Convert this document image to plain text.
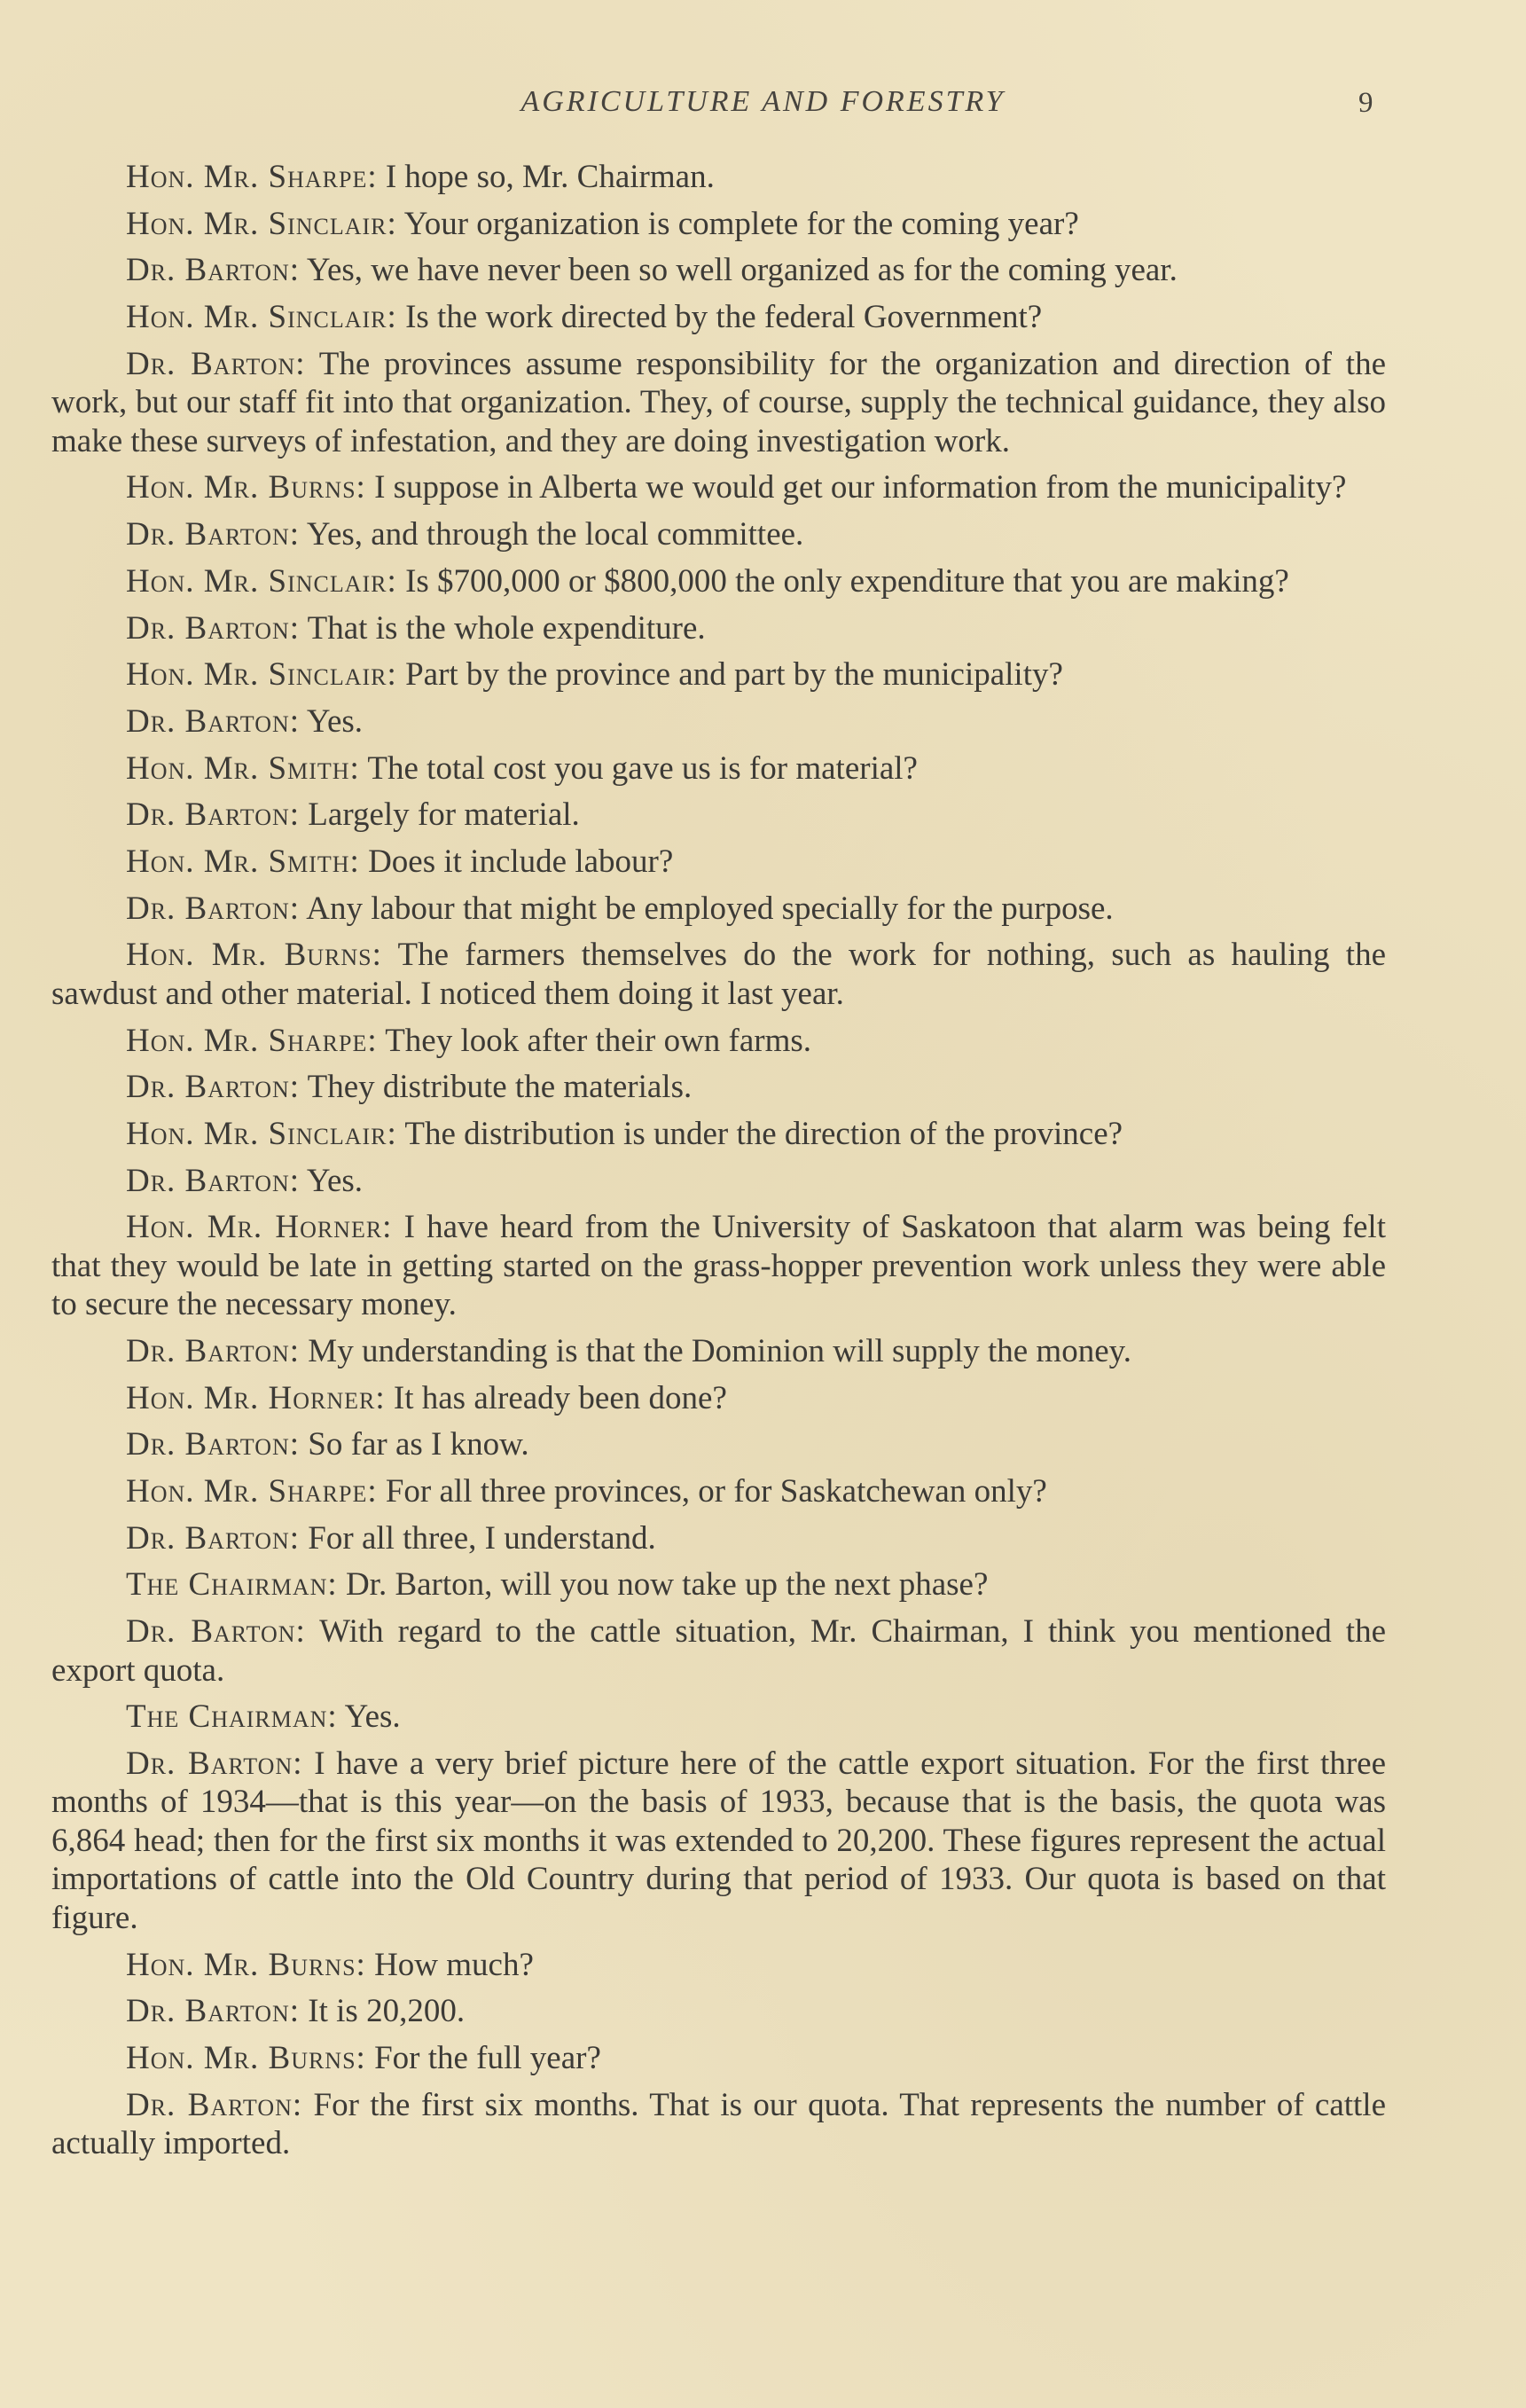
AGRICULTURE AND FORESTRY	9

Hon. Mr. Sharpe: I hope so, Mr. Chairman.

Hon. Mr. Sinclair: Your organization is complete for the coming year?

Dr. Barton: Yes, we have never been so well organized as for the coming year.

Hon. Mr. Sinclair: Is the work directed by the federal Government?

Dr. Barton: The provinces assume responsibility for the organization and direction of the work, but our staff fit into that organization. They, of course, supply the technical guidance, they also make these surveys of infestation, and they are doing investigation work.

Hon. Mr. Burns: I suppose in Alberta we would get our information from the municipality?

Dr. Barton: Yes, and through the local committee.

Hon. Mr. Sinclair: Is $700,000 or $800,000 the only expenditure that you are making?

Dr. Barton: That is the whole expenditure.

Hon. Mr. Sinclair: Part by the province and part by the municipality?

Dr. Barton: Yes.

Hon. Mr. Smith: The total cost you gave us is for material?

Dr. Barton: Largely for material.

Hon. Mr. Smith: Does it include labour?

Dr. Barton: Any labour that might be employed specially for the purpose.

Hon. Mr. Burns: The farmers themselves do the work for nothing, such as hauling the sawdust and other material. I noticed them doing it last year.

Hon. Mr. Sharpe: They look after their own farms.

Dr. Barton: They distribute the materials.

Hon. Mr. Sinclair: The distribution is under the direction of the province?

Dr. Barton: Yes.

Hon. Mr. Horner: I have heard from the University of Saskatoon that alarm was being felt that they would be late in getting started on the grass-hopper prevention work unless they were able to secure the necessary money.

Dr. Barton: My understanding is that the Dominion will supply the money.

Hon. Mr. Horner: It has already been done?

Dr. Barton: So far as I know.

Hon. Mr. Sharpe: For all three provinces, or for Saskatchewan only?

Dr. Barton: For all three, I understand.

The Chairman: Dr. Barton, will you now take up the next phase?

Dr. Barton: With regard to the cattle situation, Mr. Chairman, I think you mentioned the export quota.

The Chairman: Yes.

Dr. Barton: I have a very brief picture here of the cattle export situation. For the first three months of 1934—that is this year—on the basis of 1933, because that is the basis, the quota was 6,864 head; then for the first six months it was extended to 20,200. These figures represent the actual importations of cattle into the Old Country during that period of 1933. Our quota is based on that figure.

Hon. Mr. Burns: How much?

Dr. Barton: It is 20,200.

Hon. Mr. Burns: For the full year?

Dr. Barton: For the first six months. That is our quota. That represents the number of cattle actually imported.
